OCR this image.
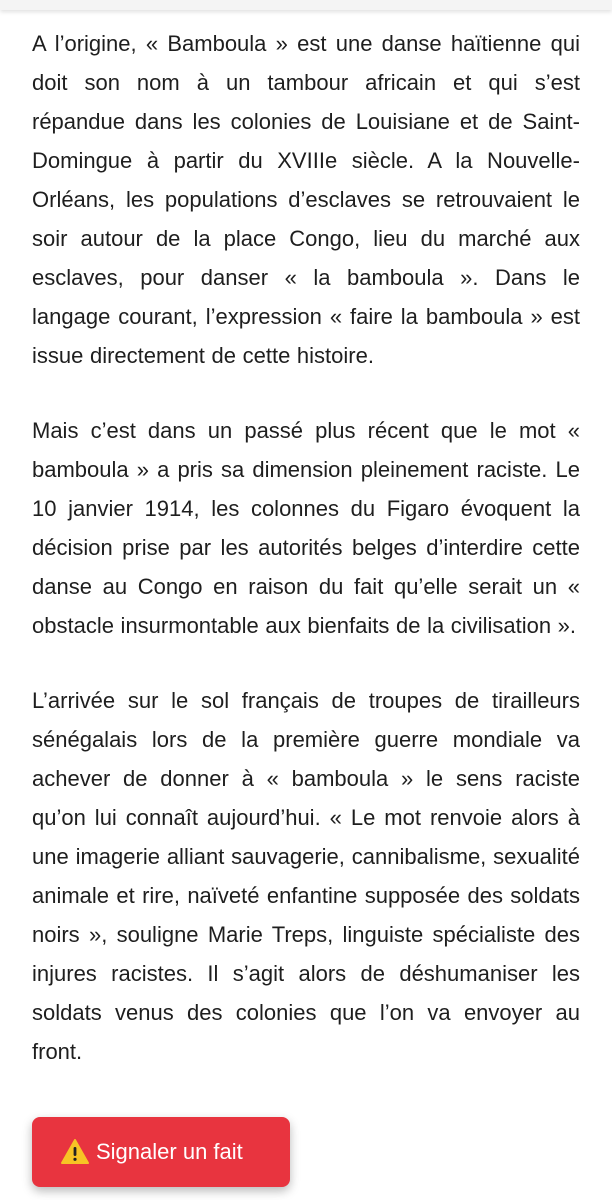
A l’origine, « Bamboula » est une danse haïtienne qui doit son nom à un tambour africain et qui s’est répandue dans les colonies de Louisiane et de Saint-Domingue à partir du XVIIIe siècle. A la Nouvelle-Orléans, les populations d’esclaves se retrouvaient le soir autour de la place Congo, lieu du marché aux esclaves, pour danser « la bamboula ». Dans le langage courant, l’expression « faire la bamboula » est issue directement de cette histoire.

Mais c’est dans un passé plus récent que le mot « bamboula » a pris sa dimension pleinement raciste. Le 10 janvier 1914, les colonnes du Figaro évoquent la décision prise par les autorités belges d’interdire cette danse au Congo en raison du fait qu’elle serait un « obstacle insurmontable aux bienfaits de la civilisation ».

L’arrivée sur le sol français de troupes de tirailleurs sénégalais lors de la première guerre mondiale va achever de donner à « bamboula » le sens raciste qu’on lui connaît aujourd’hui. « Le mot renvoie alors à une imagerie alliant sauvagerie, cannibalisme, sexualité animale et rire, naïveté enfantine supposée des soldats noirs », souligne Marie Treps, linguiste spécialiste des injures racistes. Il s’agit alors de déshumaniser les soldats venus des colonies que l’on va envoyer au front.

Signaler un fait
